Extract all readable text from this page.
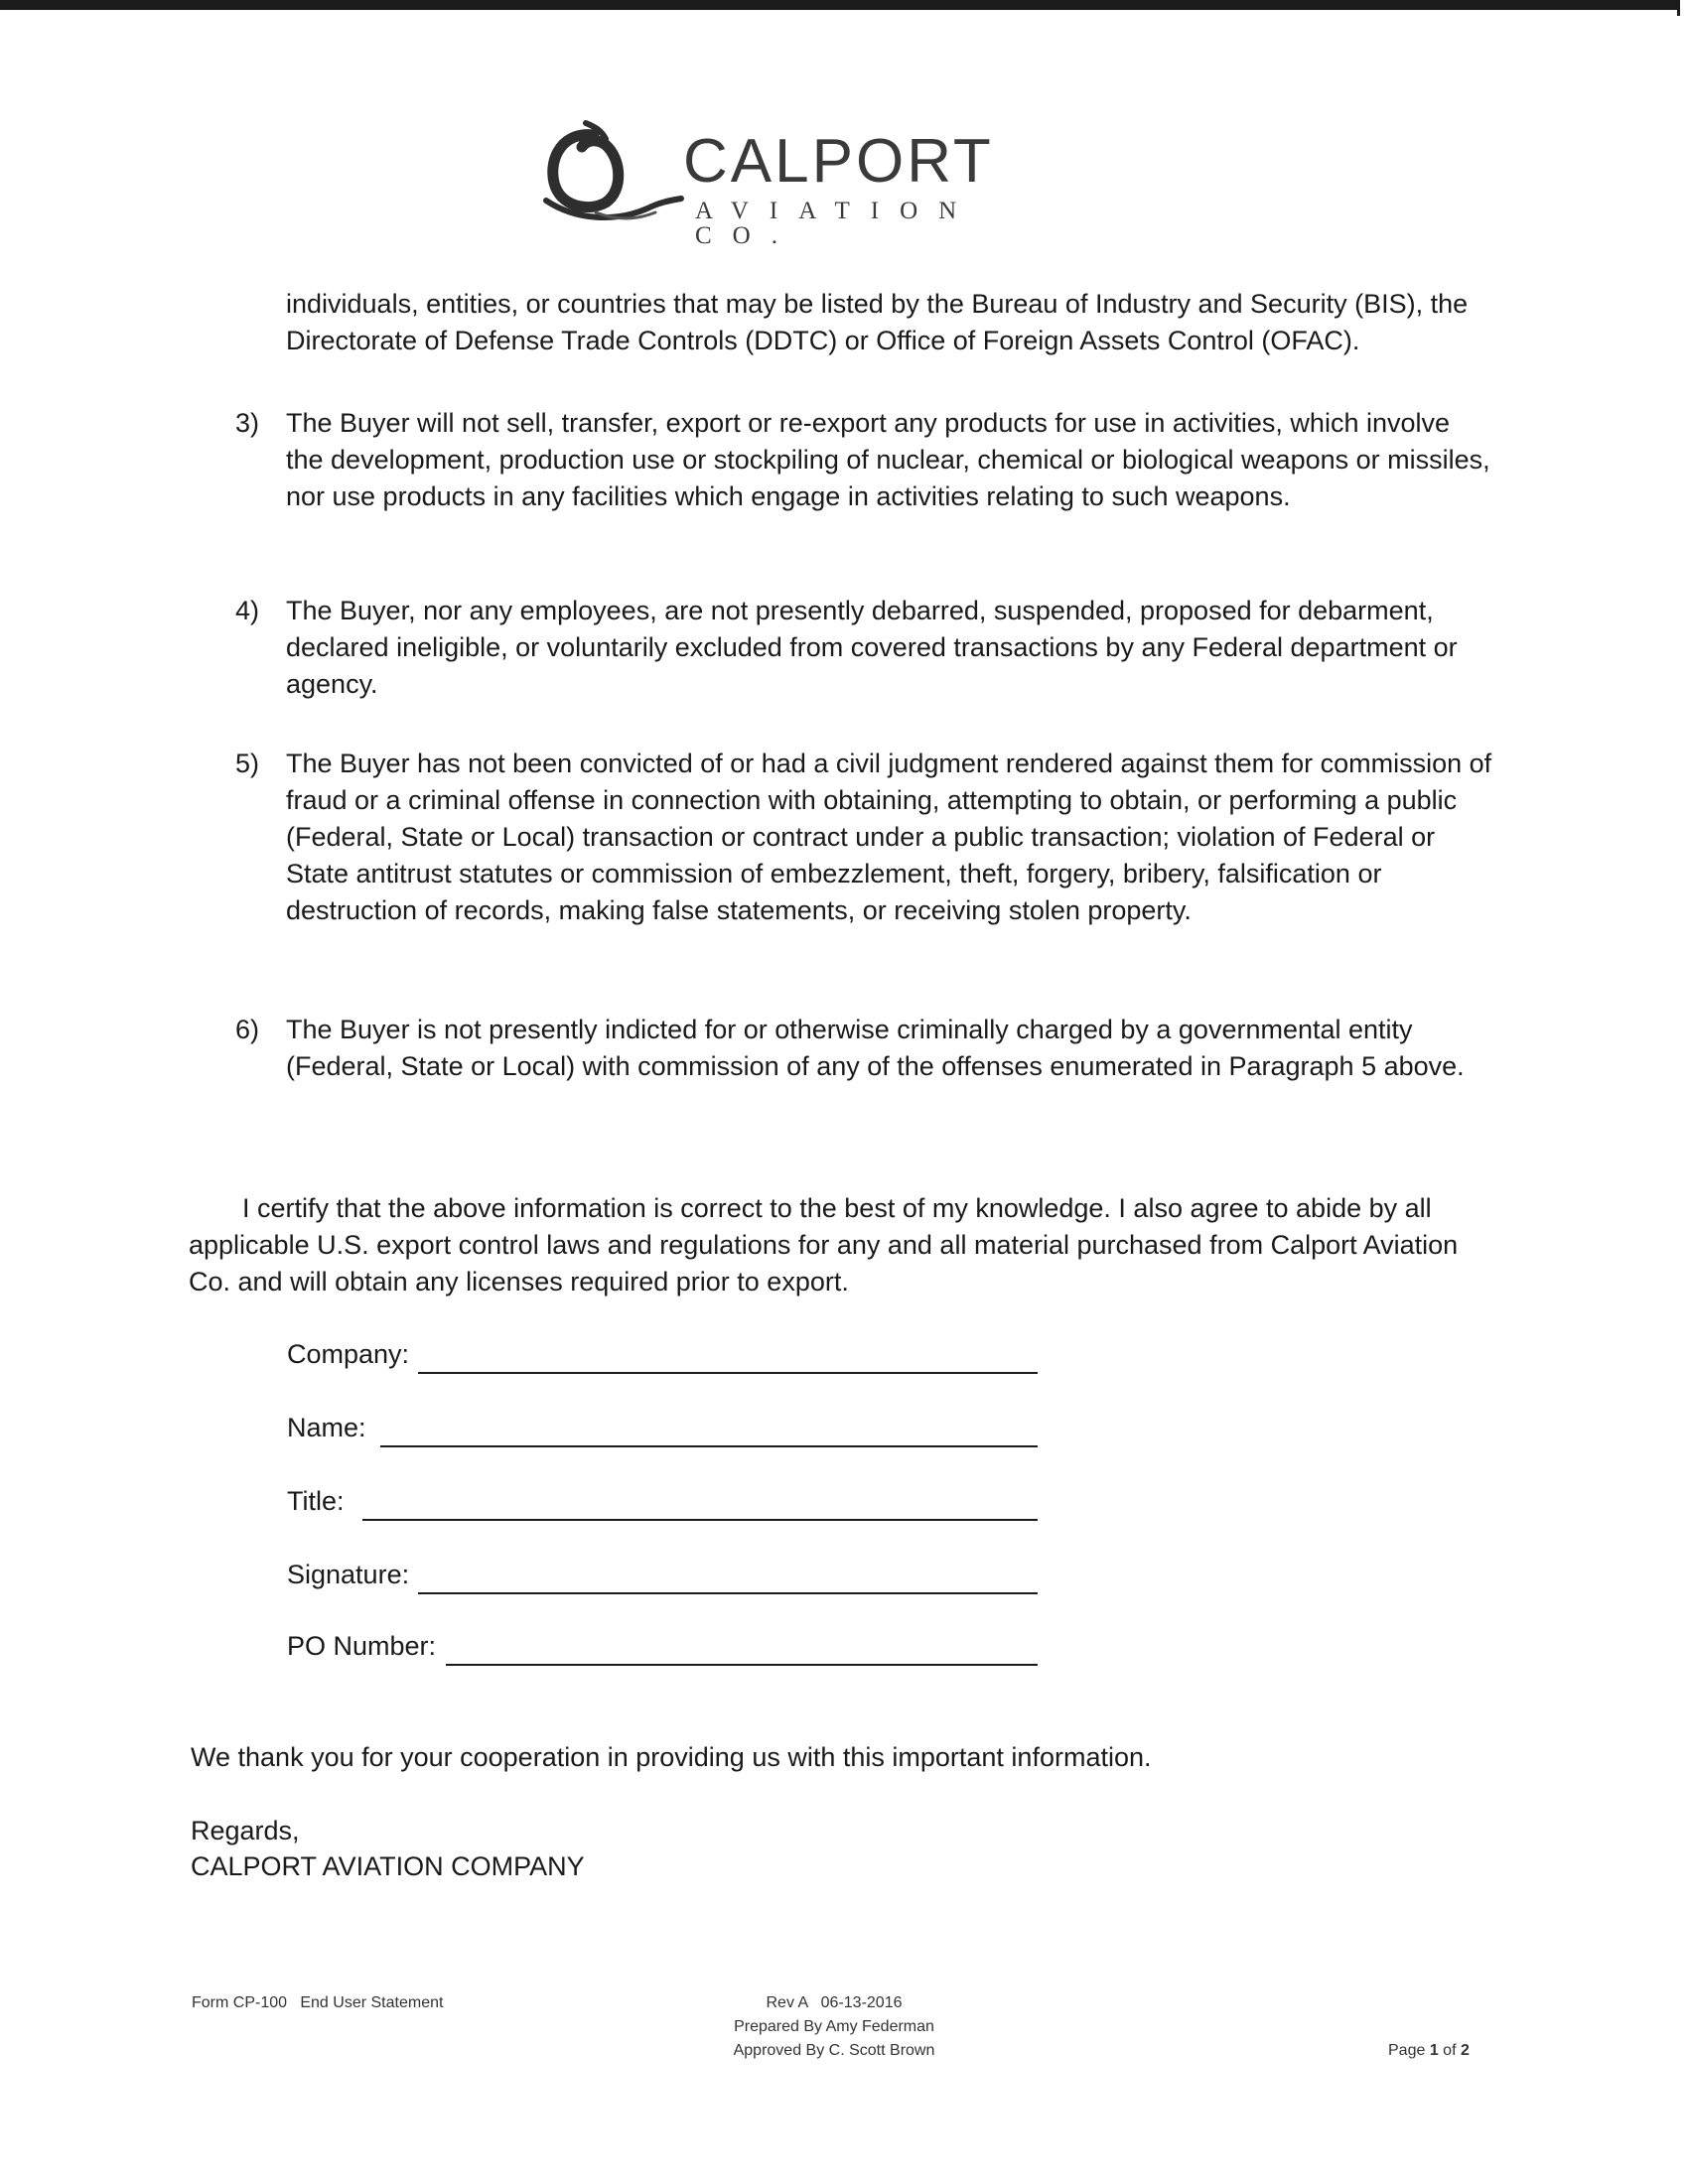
CALPORT
AVIATION CO.
individuals, entities, or countries that may be listed by the Bureau of Industry and Security (BIS), the Directorate of Defense Trade Controls (DDTC) or Office of Foreign Assets Control (OFAC).
3) The Buyer will not sell, transfer, export or re-export any products for use in activities, which involve the development, production use or stockpiling of nuclear, chemical or biological weapons or missiles, nor use products in any facilities which engage in activities relating to such weapons.
4) The Buyer, nor any employees, are not presently debarred, suspended, proposed for debarment, declared ineligible, or voluntarily excluded from covered transactions by any Federal department or agency.
5) The Buyer has not been convicted of or had a civil judgment rendered against them for commission of fraud or a criminal offense in connection with obtaining, attempting to obtain, or performing a public (Federal, State or Local) transaction or contract under a public transaction; violation of Federal or State antitrust statutes or commission of embezzlement, theft, forgery, bribery, falsification or destruction of records, making false statements, or receiving stolen property.
6) The Buyer is not presently indicted for or otherwise criminally charged by a governmental entity (Federal, State or Local) with commission of any of the offenses enumerated in Paragraph 5 above.
I certify that the above information is correct to the best of my knowledge. I also agree to abide by all applicable U.S. export control laws and regulations for any and all material purchased from Calport Aviation Co. and will obtain any licenses required prior to export.
Company:
Name:
Title:
Signature:
PO Number:
We thank you for your cooperation in providing us with this important information.
Regards,
CALPORT AVIATION COMPANY
Form CP-100   End User Statement	Rev A   06-13-2016
Prepared By Amy Federman
Approved By C. Scott Brown	Page 1 of 2
